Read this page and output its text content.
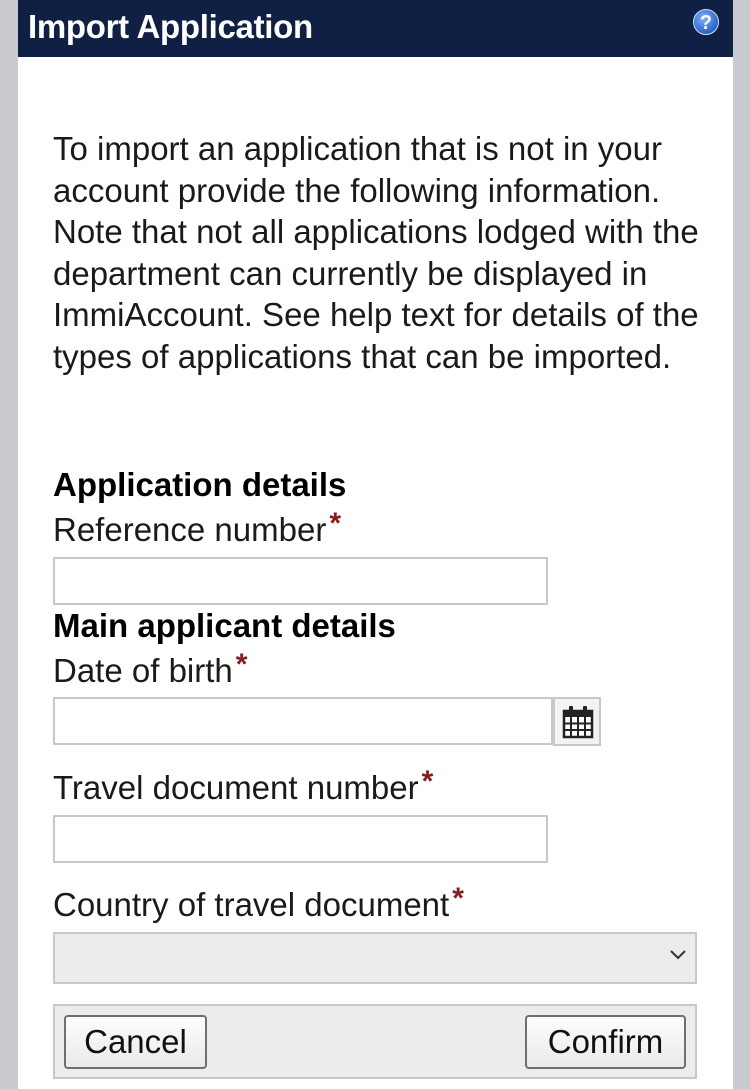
Import Application	?
To import an application that is not in your account provide the following information.
Note that not all applications lodged with the department can currently be displayed in ImmiAccount. See help text for details of the types of applications that can be imported.
Application details
Reference number *
Main applicant details
Date of birth *
Travel document number *
Country of travel document *
Cancel	Confirm
